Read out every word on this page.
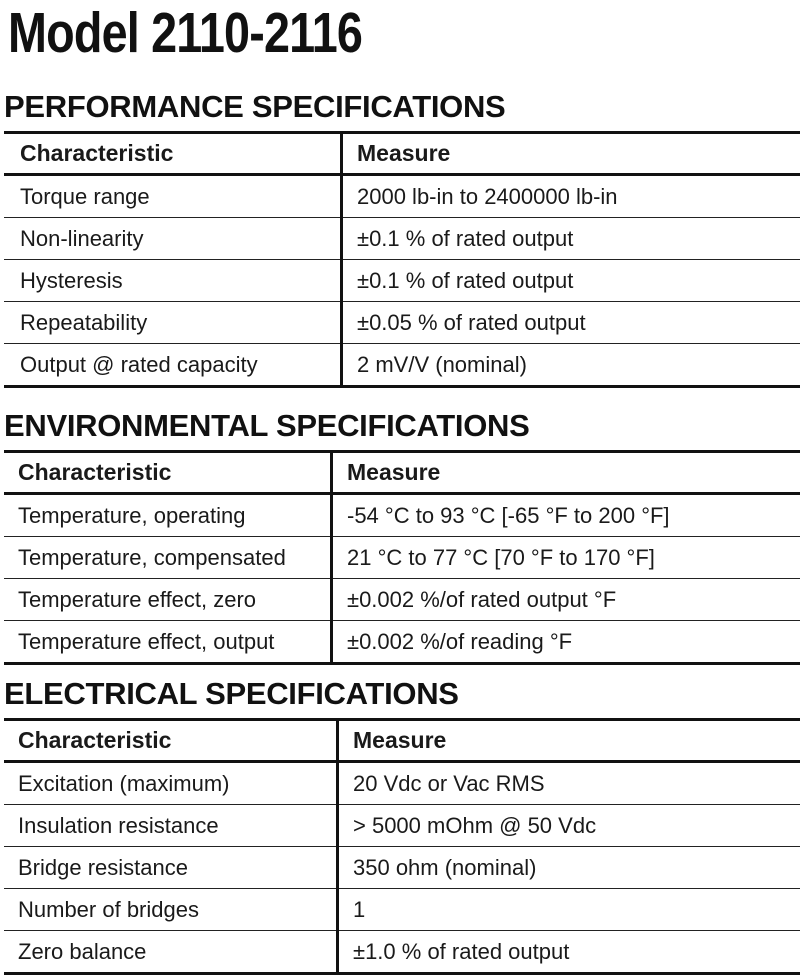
Model 2110-2116
PERFORMANCE SPECIFICATIONS
Characteristic	Measure
Torque range	2000 lb-in to 2400000 lb-in
Non-linearity	±0.1 % of rated output
Hysteresis	±0.1 % of rated output
Repeatability	±0.05 % of rated output
Output @ rated capacity	2 mV/V (nominal)
ENVIRONMENTAL SPECIFICATIONS
Characteristic	Measure
Temperature, operating	-54 °C to 93 °C [-65 °F to 200 °F]
Temperature, compensated	21 °C to 77 °C [70 °F to 170 °F]
Temperature effect, zero	±0.002 %/of rated output °F
Temperature effect, output	±0.002 %/of reading °F
ELECTRICAL SPECIFICATIONS
Characteristic	Measure
Excitation (maximum)	20 Vdc or Vac RMS
Insulation resistance	> 5000 mOhm @ 50 Vdc
Bridge resistance	350 ohm (nominal)
Number of bridges	1
Zero balance	±1.0 % of rated output
